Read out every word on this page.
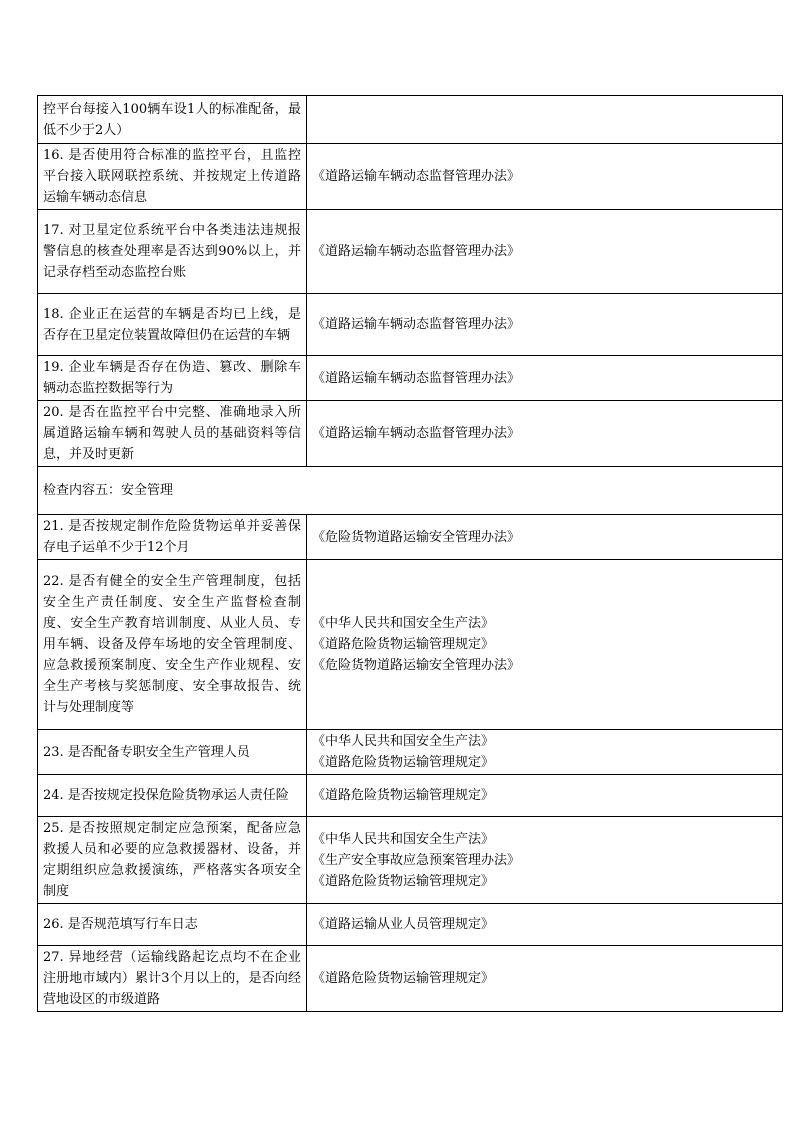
控平台每接入100辆车设1人的标准配备，最低不少于2人）	
16. 是否使用符合标准的监控平台，且监控平台接入联网联控系统、并按规定上传道路运输车辆动态信息	《道路运输车辆动态监督管理办法》

17. 对卫星定位系统平台中各类违法违规报警信息的核查处理率是否达到90%以上，并记录存档至动态监控台账	《道路运输车辆动态监督管理办法》

18. 企业正在运营的车辆是否均已上线，是否存在卫星定位装置故障但仍在运营的车辆	《道路运输车辆动态监督管理办法》

19. 企业车辆是否存在伪造、篡改、删除车辆动态监控数据等行为	《道路运输车辆动态监督管理办法》

20. 是否在监控平台中完整、准确地录入所属道路运输车辆和驾驶人员的基础资料等信息，并及时更新	《道路运输车辆动态监督管理办法》

检查内容五：安全管理	
21. 是否按规定制作危险货物运单并妥善保存电子运单不少于12个月	《危险货物道路运输安全管理办法》

22. 是否有健全的安全生产管理制度，包括安全生产责任制度、安全生产监督检查制度、安全生产教育培训制度、从业人员、专用车辆、设备及停车场地的安全管理制度、应急救援预案制度、安全生产作业规程、安全生产考核与奖惩制度、安全事故报告、统计与处理制度等	《中华人民共和国安全生产法》
《道路危险货物运输管理规定》
《危险货物道路运输安全管理办法》

23. 是否配备专职安全生产管理人员	《中华人民共和国安全生产法》
《道路危险货物运输管理规定》

24. 是否按规定投保危险货物承运人责任险	《道路危险货物运输管理规定》

25. 是否按照规定制定应急预案，配备应急救援人员和必要的应急救援器材、设备，并定期组织应急救援演练，严格落实各项安全制度	《中华人民共和国安全生产法》
《生产安全事故应急预案管理办法》
《道路危险货物运输管理规定》

26. 是否规范填写行车日志	《道路运输从业人员管理规定》

27. 异地经营（运输线路起讫点均不在企业注册地市域内）累计3个月以上的，是否向经营地设区的市级道路	《道路危险货物运输管理规定》
